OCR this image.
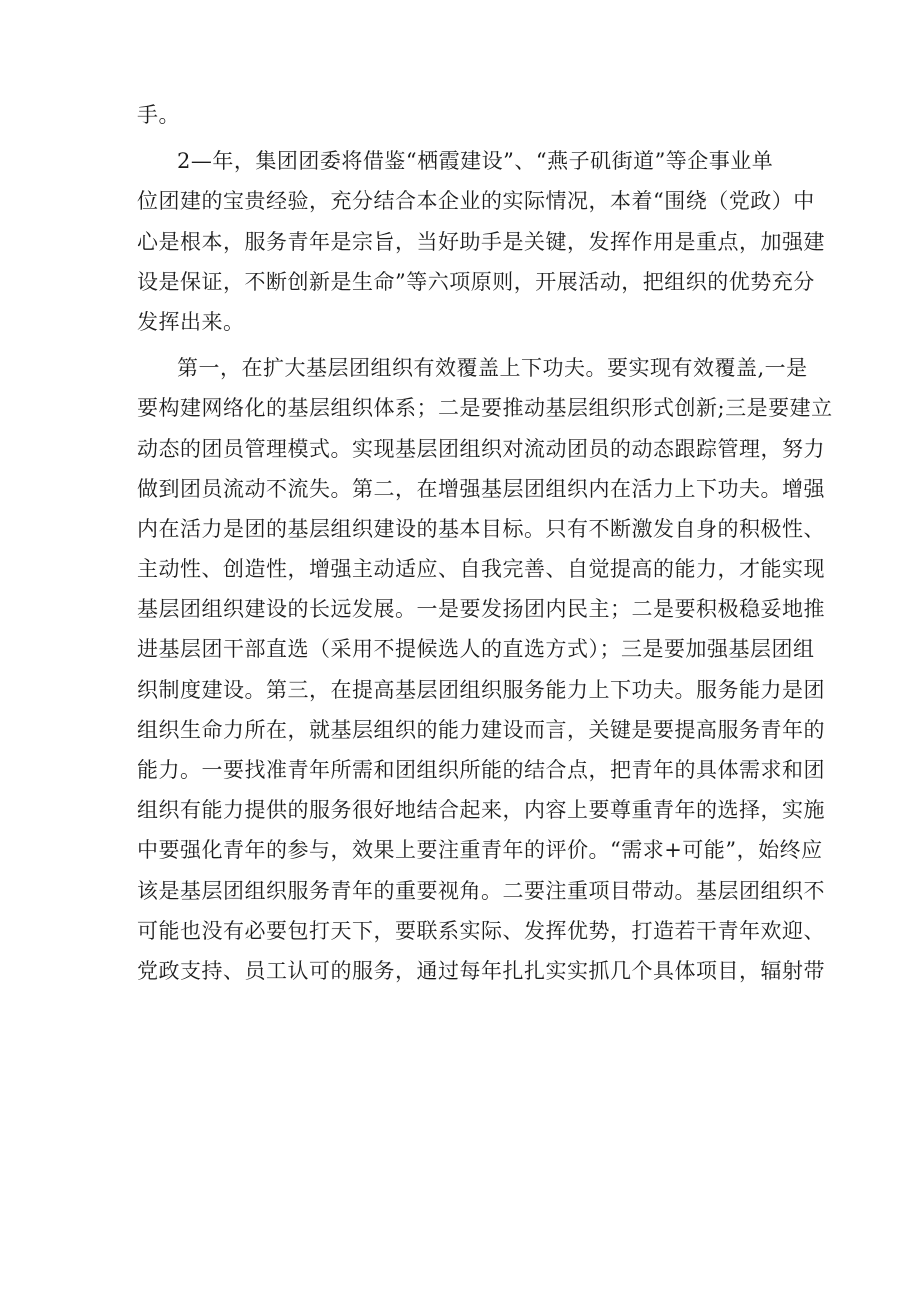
手。
2—年，集团团委将借鉴“栖霞建设”、“燕子矶街道”等企事业单
位团建的宝贵经验，充分结合本企业的实际情况，本着“围绕（党政）中
心是根本，服务青年是宗旨，当好助手是关键，发挥作用是重点，加强建
设是保证，不断创新是生命”等六项原则，开展活动，把组织的优势充分
发挥出来。
第一，在扩大基层团组织有效覆盖上下功夫。要实现有效覆盖,一是
要构建网络化的基层组织体系；二是要推动基层组织形式创新;三是要建立
动态的团员管理模式。实现基层团组织对流动团员的动态跟踪管理，努力
做到团员流动不流失。第二，在增强基层团组织内在活力上下功夫。增强
内在活力是团的基层组织建设的基本目标。只有不断激发自身的积极性、
主动性、创造性，增强主动适应、自我完善、自觉提高的能力，才能实现
基层团组织建设的长远发展。一是要发扬团内民主；二是要积极稳妥地推
进基层团干部直选（采用不提候选人的直选方式）；三是要加强基层团组
织制度建设。第三，在提高基层团组织服务能力上下功夫。服务能力是团
组织生命力所在，就基层组织的能力建设而言，关键是要提高服务青年的
能力。一要找准青年所需和团组织所能的结合点，把青年的具体需求和团
组织有能力提供的服务很好地结合起来，内容上要尊重青年的选择，实施
中要强化青年的参与，效果上要注重青年的评价。“需求+可能”，始终应
该是基层团组织服务青年的重要视角。二要注重项目带动。基层团组织不
可能也没有必要包打天下，要联系实际、发挥优势，打造若干青年欢迎、
党政支持、员工认可的服务，通过每年扎扎实实抓几个具体项目，辐射带
